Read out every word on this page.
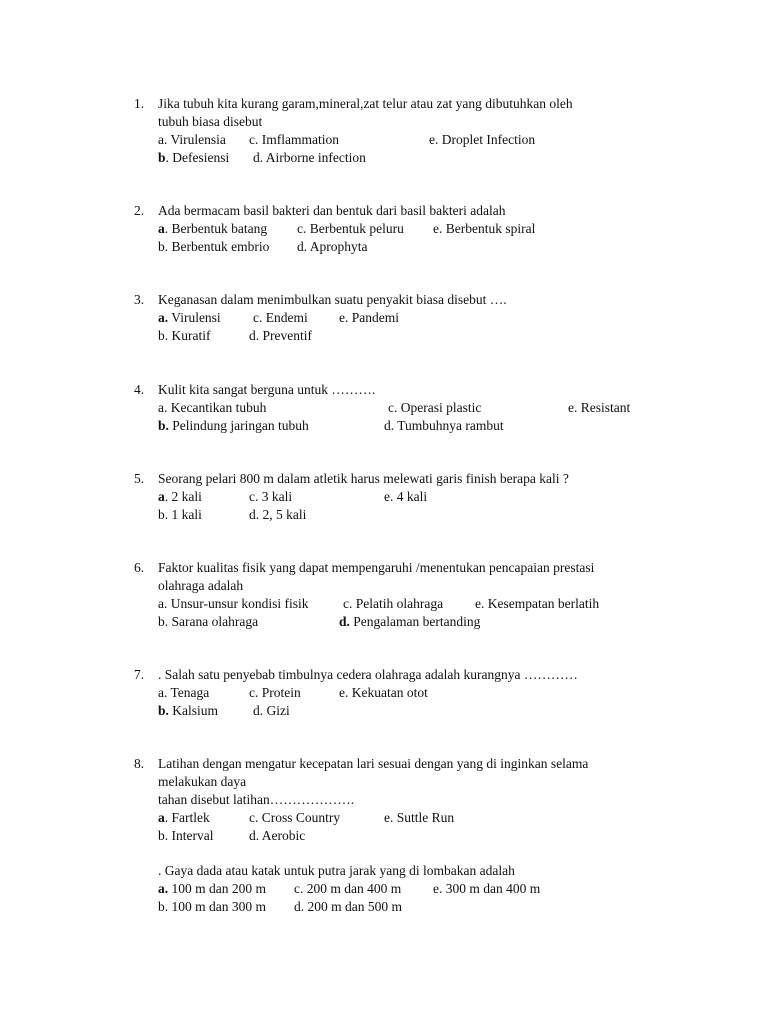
1. Jika tubuh kita kurang garam,mineral,zat telur atau zat yang dibutuhkan oleh
tubuh biasa disebut
a. Virulensia c. Imflammation	e. Droplet Infection
b. Defesiensi d. Airborne infection
2. Ada bermacam basil bakteri dan bentuk dari basil bakteri adalah
a. Berbentuk batang c. Berbentuk peluru e. Berbentuk spiral
b. Berbentuk embrio d. Aprophyta
3. Keganasan dalam menimbulkan suatu penyakit biasa disebut ….
a. Virulensi c. Endemi e. Pandemi
b. Kuratif	d. Preventif
4. Kulit kita sangat berguna untuk ……….
a. Kecantikan tubuh	c. Operasi plastic	e. Resistant
b. Pelindung jaringan tubuh	d. Tumbuhnya rambut
5. Seorang pelari 800 m dalam atletik harus melewati garis finish berapa kali ?
a. 2 kali	c. 3 kali	e. 4 kali
b. 1 kali	d. 2, 5 kali
6. Faktor kualitas fisik yang dapat mempengaruhi /menentukan pencapaian prestasi
olahraga adalah
a. Unsur-unsur kondisi fisik	c. Pelatih olahraga e. Kesempatan berlatih
b. Sarana olahraga	d. Pengalaman bertanding
7. . Salah satu penyebab timbulnya cedera olahraga adalah kurangnya …………
a. Tenaga	c. Protein	e. Kekuatan otot
b. Kalsium	d. Gizi
8. Latihan dengan mengatur kecepatan lari sesuai dengan yang di inginkan selama
melakukan daya
tahan disebut latihan……………….
a. Fartlek	c. Cross Country	e. Suttle Run
b. Interval	d. Aerobic
. Gaya dada atau katak untuk putra jarak yang di lombakan adalah
a. 100 m dan 200 m c. 200 m dan 400 m e. 300 m dan 400 m
b. 100 m dan 300 m d. 200 m dan 500 m
